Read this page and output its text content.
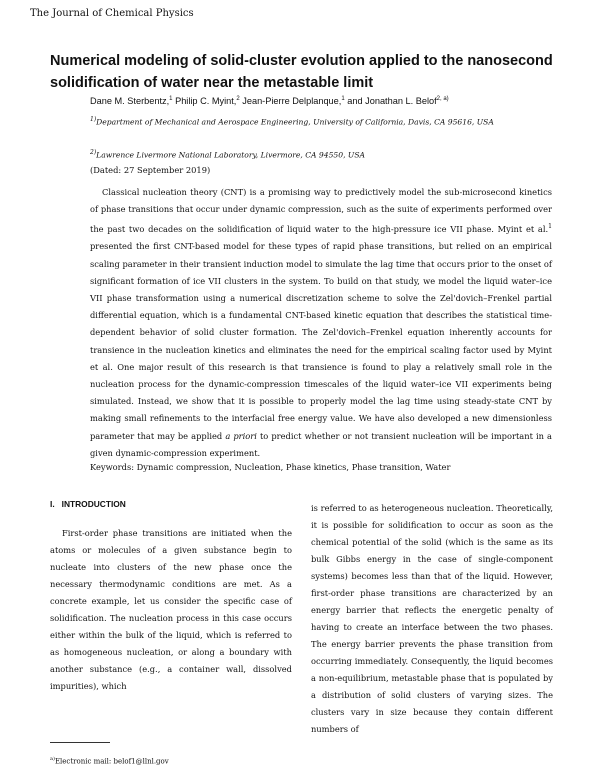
The Journal of Chemical Physics
Numerical modeling of solid-cluster evolution applied to the nanosecond solidification of water near the metastable limit
Dane M. Sterbentz,$^1$ Philip C. Myint,$^2$ Jean-Pierre Delplanque,$^1$ and Jonathan L. Belof$^{2, a)}$
$^{1)}$Department of Mechanical and Aerospace Engineering, University of California, Davis, CA 95616, USA
$^{2)}$Lawrence Livermore National Laboratory, Livermore, CA 94550, USA
(Dated: 27 September 2019)

Classical nucleation theory (CNT) is a promising way to predictively model the sub-microsecond kinetics of phase transitions that occur under dynamic compression, such as the suite of experiments performed over the past two decades on the solidification of liquid water to the high-pressure ice VII phase. Myint et al.$^1$ presented the first CNT-based model for these types of rapid phase transitions, but relied on an empirical scaling parameter in their transient induction model to simulate the lag time that occurs prior to the onset of significant formation of ice VII clusters in the system. To build on that study, we model the liquid water–ice VII phase transformation using a numerical discretization scheme to solve the Zel'dovich–Frenkel partial differential equation, which is a fundamental CNT-based kinetic equation that describes the statistical time-dependent behavior of solid cluster formation. The Zel'dovich–Frenkel equation inherently accounts for transience in the nucleation kinetics and eliminates the need for the empirical scaling factor used by Myint et al. One major result of this research is that transience is found to play a relatively small role in the nucleation process for the dynamic-compression timescales of the liquid water–ice VII experiments being simulated. Instead, we show that it is possible to properly model the lag time using steady-state CNT by making small refinements to the interfacial free energy value. We have also developed a new dimensionless parameter that may be applied a priori to predict whether or not transient nucleation will be important in a given dynamic-compression experiment.

Keywords: Dynamic compression, Nucleation, Phase kinetics, Phase transition, Water
I. INTRODUCTION

First-order phase transitions are initiated when the atoms or molecules of a given substance begin to nucleate into clusters of the new phase once the necessary thermodynamic conditions are met. As a concrete example, let us consider the specific case of solidification. The nucleation process in this case occurs either within the bulk of the liquid, which is referred to as homogeneous nucleation, or along a boundary with another substance (e.g., a container wall, dissolved impurities), which

is referred to as heterogeneous nucleation. Theoretically, it is possible for solidification to occur as soon as the chemical potential of the solid (which is the same as its bulk Gibbs energy in the case of single-component systems) becomes less than that of the liquid. However, first-order phase transitions are characterized by an energy barrier that reflects the energetic penalty of having to create an interface between the two phases. The energy barrier prevents the phase transition from occurring immediately. Consequently, the liquid becomes a non-equilibrium, metastable phase that is populated by a distribution of solid clusters of varying sizes. The clusters vary in size because they contain different numbers of

$^{a)}$Electronic mail: belof1@llnl.gov
